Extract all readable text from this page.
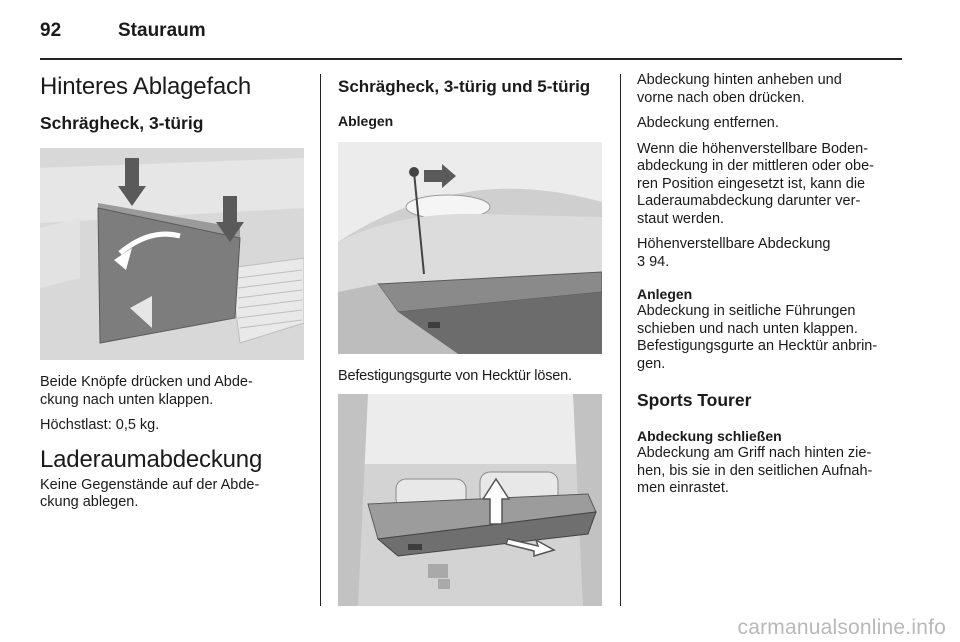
92	Stauraum
Hinteres Ablagefach
Schrägheck, 3-türig
Beide Knöpfe drücken und Abde-
ckung nach unten klappen.
Höchstlast: 0,5 kg.
Laderaumabdeckung
Keine Gegenstände auf der Abde-
ckung ablegen.
Schrägheck, 3-türig und 5-türig
Ablegen
Befestigungsgurte von Hecktür lösen.
Abdeckung hinten anheben und
vorne nach oben drücken.
Abdeckung entfernen.
Wenn die höhenverstellbare Boden-
abdeckung in der mittleren oder obe-
ren Position eingesetzt ist, kann die
Laderaumabdeckung darunter ver-
staut werden.
Höhenverstellbare Abdeckung
3 94.
Anlegen
Abdeckung in seitliche Führungen
schieben und nach unten klappen.
Befestigungsgurte an Hecktür anbrin-
gen.
Sports Tourer
Abdeckung schließen
Abdeckung am Griff nach hinten zie-
hen, bis sie in den seitlichen Aufnah-
men einrastet.
carmanualsonline.info
